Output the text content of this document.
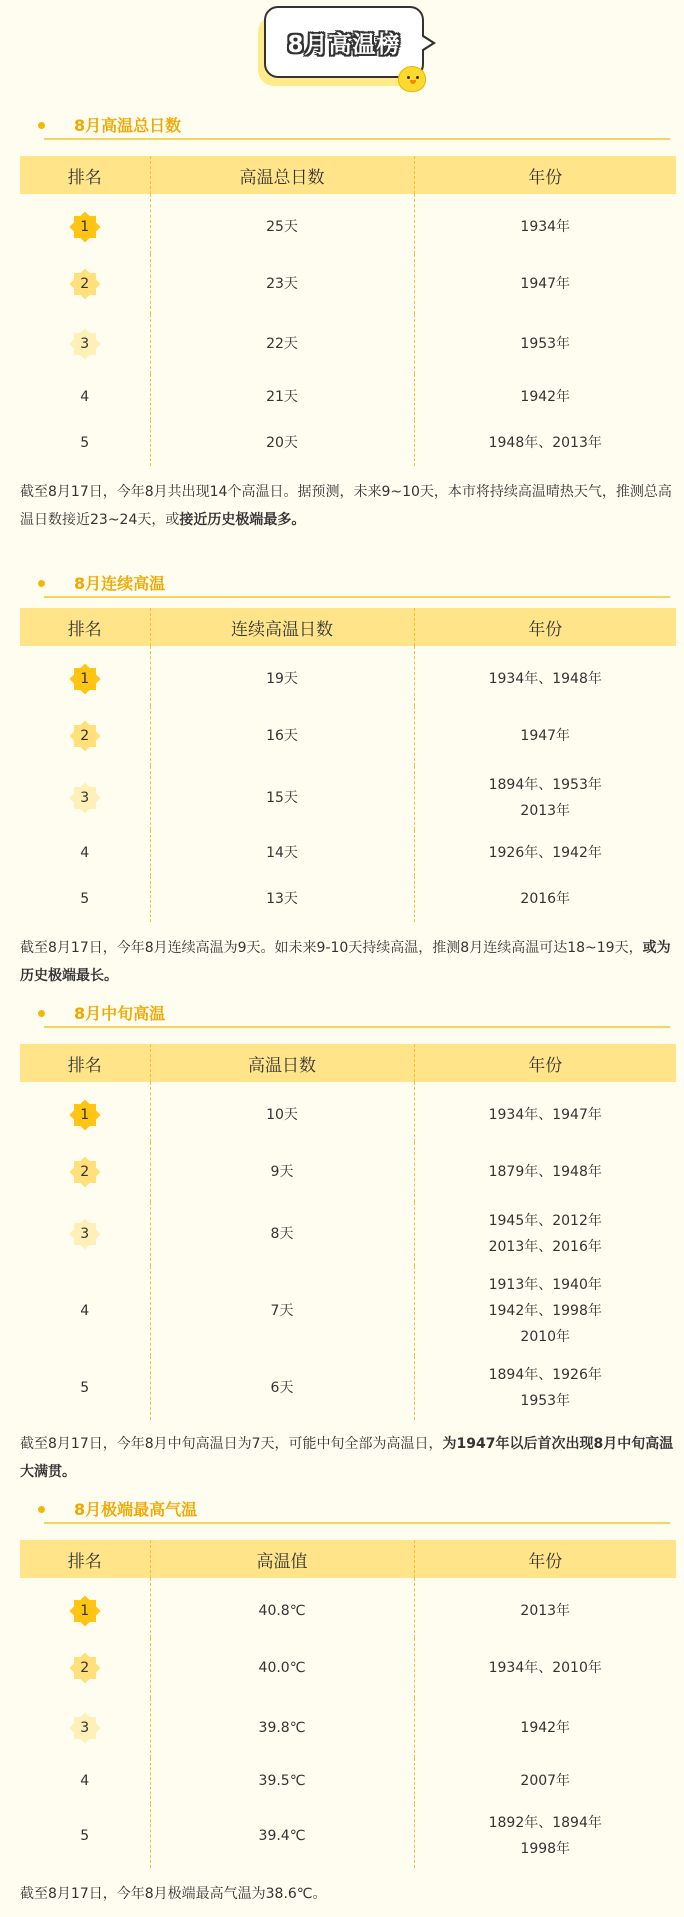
8月高温榜
8月高温总日数
排名	高温总日数	年份

1	25天	1934年

2	23天	1947年

3	22天	1953年

4	21天	1942年

5	20天	1948年、2013年

截至8月17日，今年8月共出现14个高温日。据预测，未来9~10天，本市将持续高温晴热天气，推测总高温日数接近23~24天，或接近历史极端最多。

8月连续高温
排名	连续高温日数	年份

1	19天	1934年、1948年

2	16天	1947年

3	15天	1894年、1953年
2013年

4	14天	1926年、1942年

5	13天	2016年

截至8月17日，今年8月连续高温为9天。如未来9-10天持续高温，推测8月连续高温可达18~19天，或为历史极端最长。

8月中旬高温
排名	高温日数	年份

1	10天	1934年、1947年

2	9天	1879年、1948年

3	8天	1945年、2012年
2013年、2016年

4	7天	1913年、1940年
1942年、1998年
2010年

5	6天	1894年、1926年
1953年

截至8月17日，今年8月中旬高温日为7天，可能中旬全部为高温日，为1947年以后首次出现8月中旬高温大满贯。

8月极端最高气温
排名	高温值	年份

1	40.8℃	2013年

2	40.0℃	1934年、2010年

3	39.8℃	1942年

4	39.5℃	2007年

5	39.4℃	1892年、1894年
1998年

截至8月17日，今年8月极端最高气温为38.6℃。
